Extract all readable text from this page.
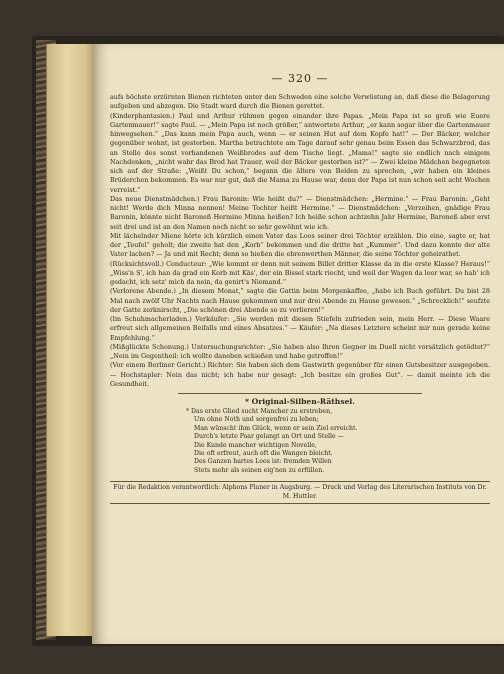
— 320 —

aufs höchste erzürnten Bienen richteten unter den Schweden eine solche Verwüstung an, daß diese die Belagerung aufgeben und abzogen. Die Stadt ward durch die Bienen gerettet.

(Kinderphantasien.) Paul und Arthur rühmen gegen einander ihre Papas. „Mein Papa ist so groß wie Euere Gartenmauer!“ sagte Paul. — „Mein Papa ist noch größer,“ antwortete Arthur, „er kann sogar über die Gartenmauer hinwegsehen.“ „Das kann mein Papa auch, wenn — er seinen Hut auf dem Kopfe hat!“ — Der Bäcker, welcher gegenüber wohnt, ist gestorben. Martha betrachtete am Tage darauf sehr genau beim Essen das Schwarzbrod, das an Stelle des sonst vorhandenen Weißbrodes auf dem Tische liegt. „Mama!“ sagte sie endlich nach einigem Nachdenken, „nicht wahr das Brod hat Trauer, weil der Bäcker gestorben ist?“ — Zwei kleine Mädchen begegneten sich auf der Straße: „Weißt Du schon,“ begann die ältere von Beiden zu sprechen, „wir haben ein kleines Brüderchen bekommen. Es war nur gut, daß die Mama zu Hause war, denn der Papa ist nun schon seit acht Wochen verreist.“

Das neue Dienstmädchen.) Frau Baronin: Wie heißt du?“ — Dienstmädchen: „Hermine.“ — Frau Baronin: „Geht nicht! Werde dich Minna nennen! Meine Tochter heißt Hermine.“ — Dienstmädchen: „Verzeihen, gnädige Frau Baronin, könnte nicht Baroneß Hermine Minna heißen? Ich heiße schon achtzehn Jahr Hermine, Baroneß aber erst seit drei und ist an den Namen noch nicht so sehr gewöhnt wie ich.

Mit lächelnder Miene hörte ich kürzlich einen Vater das Loos seiner drei Töchter erzählen. Die eine, sagte er, hat der „Teufel“ geholt; die zweite hat den „Korb“ bekommen und die dritte hat „Kummer“. Und dazu konnte der alte Vater lachen? — Ja und mit Recht; denn so hießen die ehrenwerthen Männer, die seine Töchter geheirathet.

(Rücksichtsvoll.) Conducteur: „Wie kommt er denn mit seinem Billet dritter Klasse da in die erste Klasse? Heraus!“ „Wiss'n S', ich han da grad ein Korb mit Käs', der ein Bissel stark riecht, und weil der Wagen da leer war, so hab' ich gedacht, ich setz' mich da nein, da genirt's Niemand.“

(Verlorene Abende.) „In diesem Monat,“ sagte die Gattin beim Morgenkaffee, „habe ich Buch geführt. Du bist 28 Mal nach zwölf Uhr Nachts nach Hause gekommen und nur drei Abende zu Hause gewesen.“ „Schrecklich!“ seufzte der Gatte zerknirscht, „Die schönen drei Abende so zu verlieren!“

(Im Schuhmacherladen.) Verkäufer: „Sie werden mit diesen Stiefeln zufrieden sein, mein Herr. — Diese Waare erfreut sich allgemeinen Beifalls und eines Absatzes.“ — Käufer: „Na dieses Letztere scheint mir nun gerade keine Empfehlung.“

(Mißglückte Schonung.) Untersuchungsrichter: „Sie haben also Ihren Gegner im Duell nicht vorsätzlich getödtet?“ „Nein im Gegentheil: ich wollte daneben schießen und habe getroffen!“

(Vor einem Berliner Gericht.) Richter: Sie haben sich dem Gastwirth gegenüber für einen Gutsbesitzer ausgegeben. — Hochstapler: Nein das nicht; ich habe nur gesagt: „Ich besitze ein großes Gut“. — damit meinte ich die Gesundheit.

* Original-Silben-Räthsel.
* Das erste Glied sucht Mancher zu erstreben,
Um ohne Noth und sorgenfrei zu leben;
Man wünscht ihm Glück, wenn er sein Ziel erreicht.
Durch's letzte Paar gelangt an Ort und Stelle —
Die Kunde mancher wichtigen Novelle,
Die oft erfreut, auch oft die Wangen bleicht.
Des Ganzen hartes Loos ist: fremden Willen
Stets mehr als seinen eig'nen zu erfüllen.
Für die Redaktion verantwortlich: Alphons Planer in Augsburg. — Druck und Verlag des Literarischen Instituts von Dr. M. Huttler.
